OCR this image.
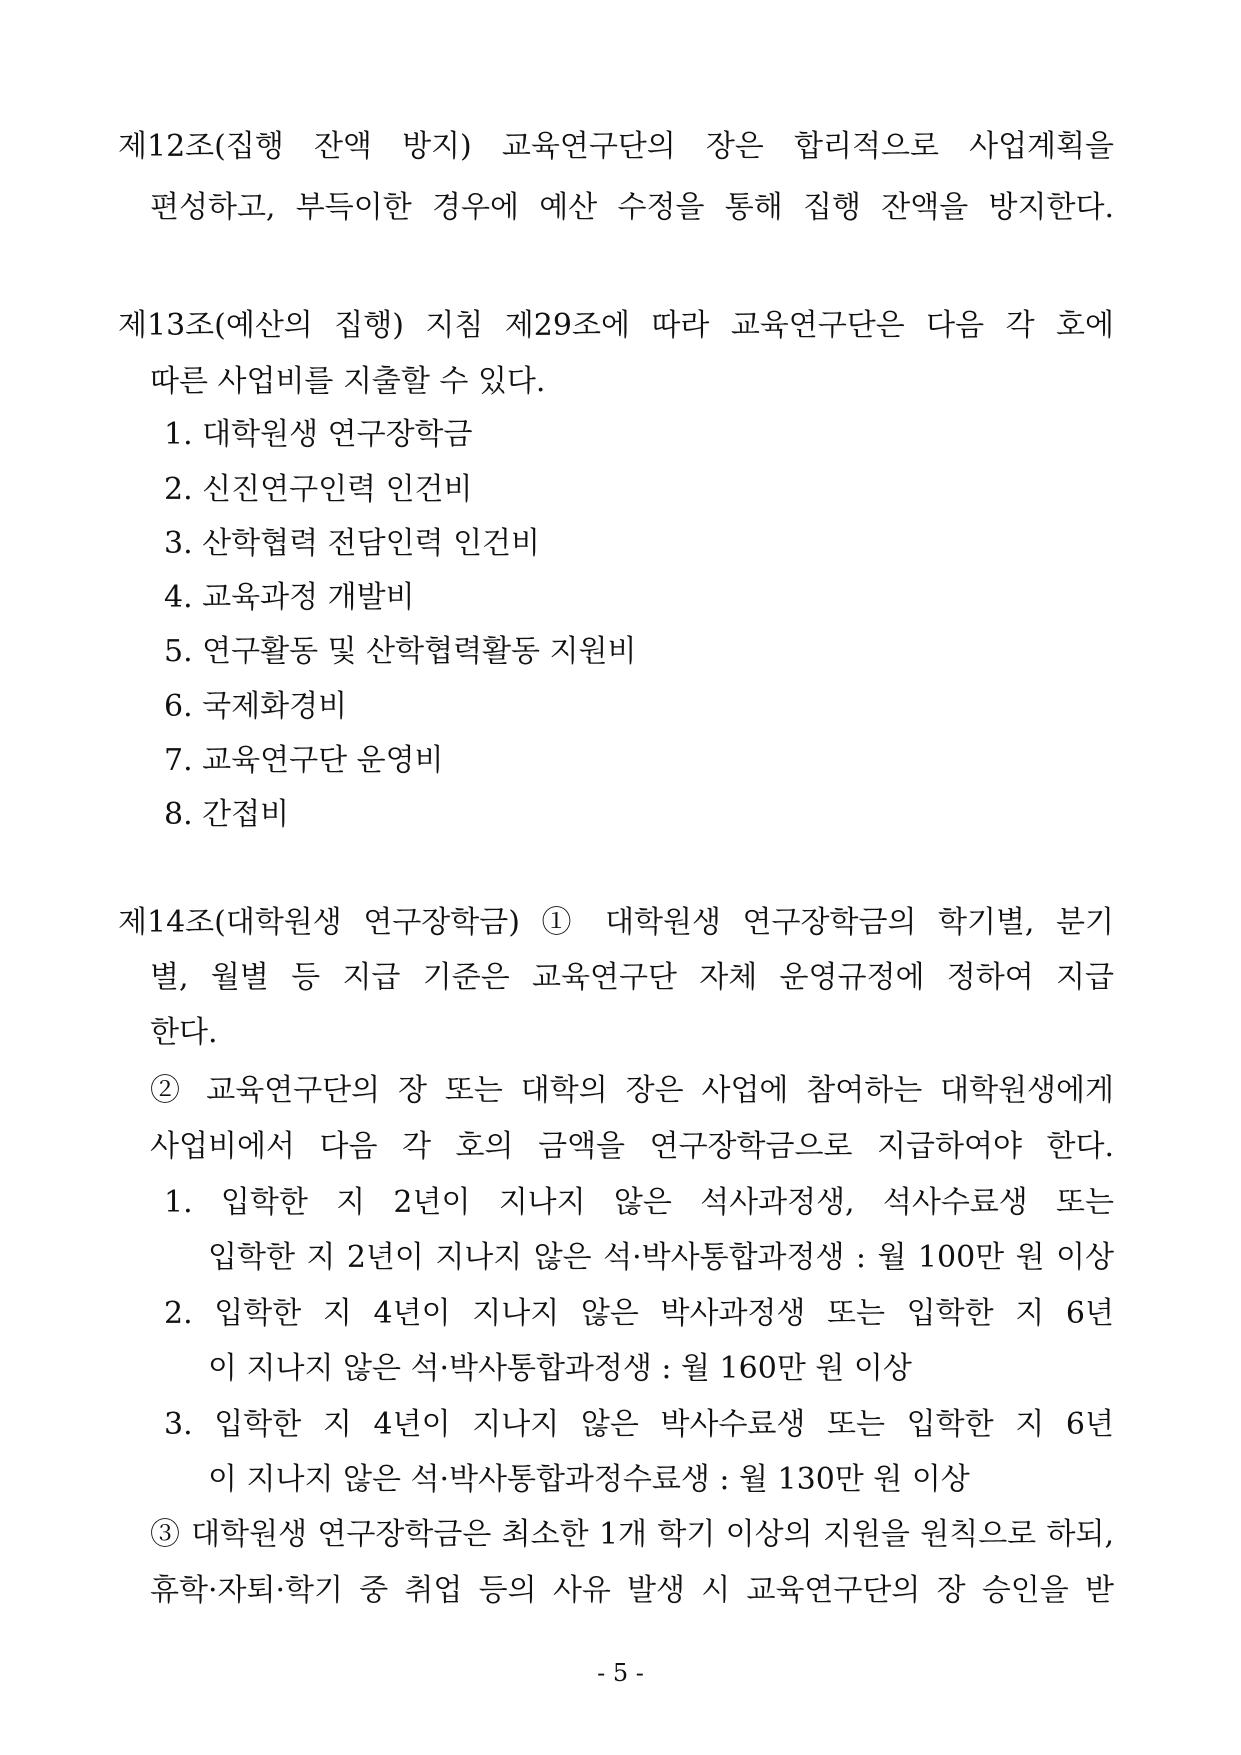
제12조(집행 잔액 방지) 교육연구단의 장은 합리적으로 사업계획을
편성하고, 부득이한 경우에 예산 수정을 통해 집행 잔액을 방지한다.
제13조(예산의 집행) 지침 제29조에 따라 교육연구단은 다음 각 호에
따른 사업비를 지출할 수 있다.
1. 대학원생 연구장학금
2. 신진연구인력 인건비
3. 산학협력 전담인력 인건비
4. 교육과정 개발비
5. 연구활동 및 산학협력활동 지원비
6. 국제화경비
7. 교육연구단 운영비
8. 간접비
제14조(대학원생 연구장학금) ① 대학원생 연구장학금의 학기별, 분기
별, 월별 등 지급 기준은 교육연구단 자체 운영규정에 정하여 지급
한다.
② 교육연구단의 장 또는 대학의 장은 사업에 참여하는 대학원생에게
사업비에서 다음 각 호의 금액을 연구장학금으로 지급하여야 한다.
1. 입학한 지 2년이 지나지 않은 석사과정생, 석사수료생 또는
입학한 지 2년이 지나지 않은 석·박사통합과정생 : 월 100만 원 이상
2. 입학한 지 4년이 지나지 않은 박사과정생 또는 입학한 지 6년
이 지나지 않은 석·박사통합과정생 : 월 160만 원 이상
3. 입학한 지 4년이 지나지 않은 박사수료생 또는 입학한 지 6년
이 지나지 않은 석·박사통합과정수료생 : 월 130만 원 이상
③ 대학원생 연구장학금은 최소한 1개 학기 이상의 지원을 원칙으로 하되,
휴학·자퇴·학기 중 취업 등의 사유 발생 시 교육연구단의 장 승인을 받
- 5 -
